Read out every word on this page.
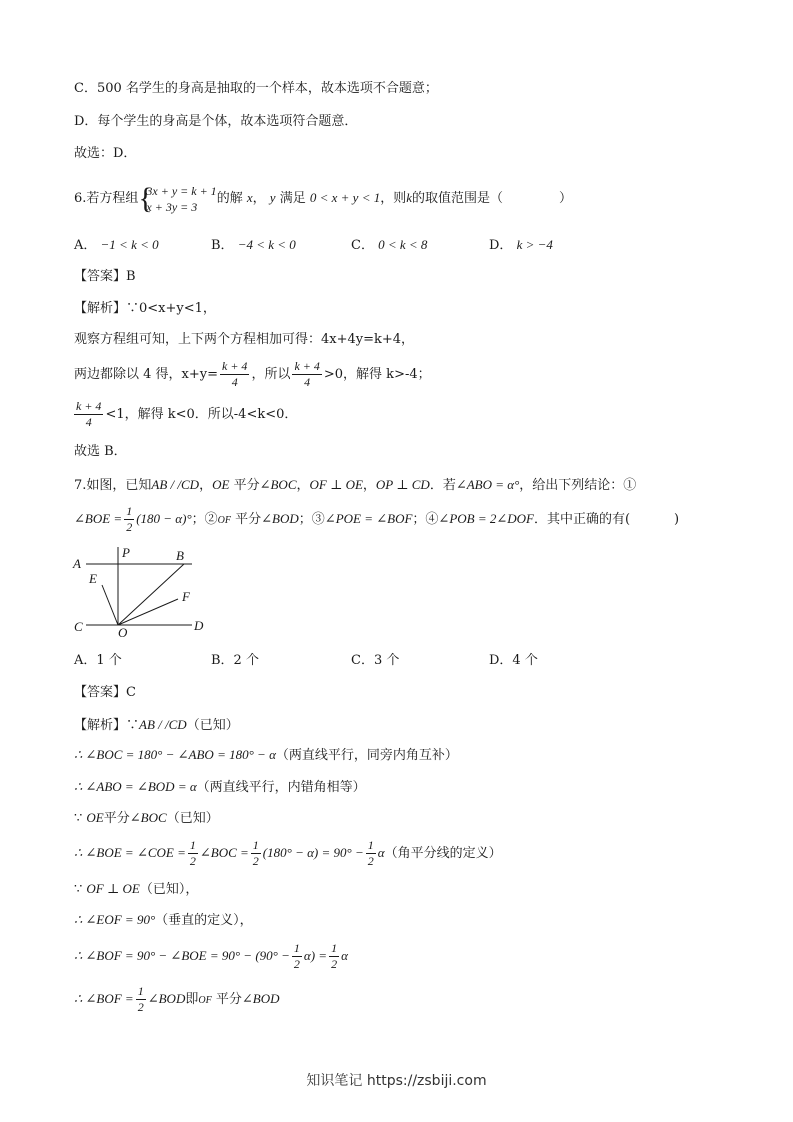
C．500 名学生的身高是抽取的一个样本，故本选项不合题意；
D．每个学生的身高是个体，故本选项符合题意．
故选：D．
6.若方程组 {
3x + y = k + 1
x + 3y = 3
的解 x， y 满足 0 < x + y < 1，则k的取值范围是（	）
A． −1 < k < 0	B． −4 < k < 0	C． 0 < k < 8	D． k > −4
【答案】B
【解析】∵0<x+y<1，
观察方程组可知，上下两个方程相加可得：4x+4y=k+4，
两边都除以 4 得，$x+y= \frac{k + 4}{4}$ ，所以 $\frac{k + 4}{4} >0$，解得 k>-4；
$\frac{k + 4}{4} <1$，解得 k<0．所以-4<k<0．
故选 B．
7.如图，已知AB / /CD，OE 平分∠BOC，OF ⊥ OE，OP ⊥ CD．若∠ABO = α°，给出下列结论：①
∠BOE = $\frac{1}{2} (180 - \alpha)^\circ$；②OF 平分∠BOD；③∠POE = ∠BOF；④∠POB = 2∠DOF．其中正确的有(	)
A
P	B
E
F
C	O	D
A．1 个	B．2 个	C．3 个	D．4 个
【答案】C
【解析】∵AB / /CD（已知）
∴ ∠BOC = 180° − ∠ABO = 180° − α（两直线平行，同旁内角互补）
∴ ∠ABO = ∠BOD = α（两直线平行，内错角相等）
∵ OE平分∠BOC（已知）
∴ ∠BOE = ∠COE = $\frac{1}{2}$ ∠BOC = $\frac{1}{2} (180^\circ - \alpha) = 90^\circ - \frac{1}{2} \alpha$（角平分线的定义）
∵ OF ⊥ OE（已知），
∴ ∠EOF = 90°（垂直的定义），
∴ ∠BOF = 90° − ∠BOE = $90^\circ - (90^\circ - \frac{1}{2} \alpha) = \frac{1}{2}$ α
∴ ∠BOF = $\frac{1}{2}$ ∠BOD即OF 平分∠BOD
知识笔记 https://zsbiji.com
